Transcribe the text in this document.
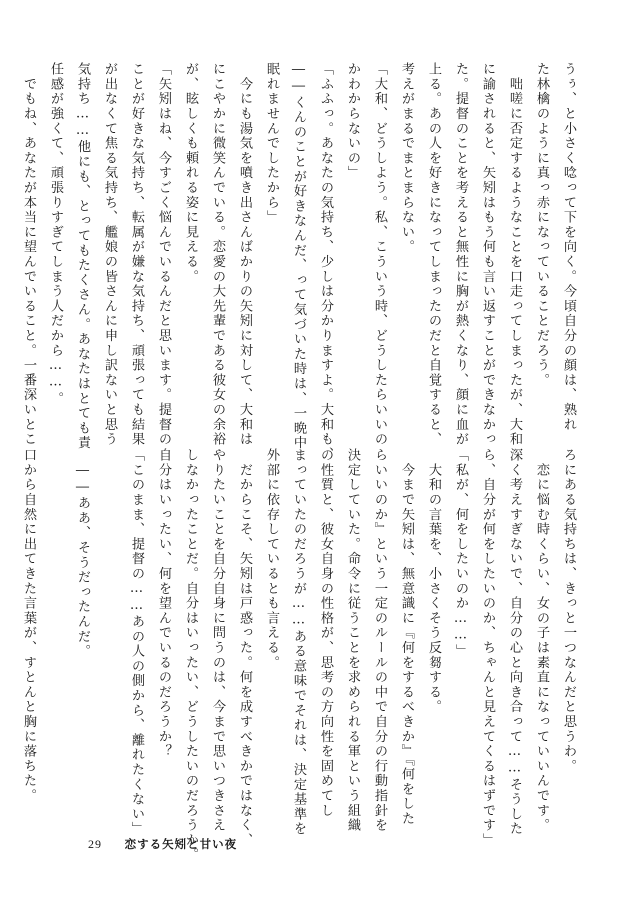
うぅ、と小さく唸って下を向く。今頃自分の顔は、熟れ
た林檎のように真っ赤になっていることだろう。
　咄嗟に否定するようなことを口走ってしまったが、大和
に諭されると、矢矧はもう何も言い返すことができなかっ
た。提督のことを考えると無性に胸が熱くなり、顔に血が
上る。あの人を好きになってしまったのだと自覚すると、
考えがまるでまとまらない。
「大和、どうしよう。私、こういう時、どうしたらいいの
かわからないの」
「ふふっ。あなたの気持ち、少しは分かりますよ。大和も、
――くんのことが好きなんだ、って気づいた時は、一晩中
眠れませんでしたから」
　今にも湯気を噴き出さんばかりの矢矧に対して、大和は
にこやかに微笑んでいる。恋愛の大先輩である彼女の余裕
が、眩しくも頼れる姿に見える。
「矢矧はね、今すごく悩んでいるんだと思います。提督の
ことが好きな気持ち、転属が嫌な気持ち、頑張っても結果
が出なくて焦る気持ち、艦娘の皆さんに申し訳ないと思う
気持ち……他にも、とってもたくさん。あなたはとても責
任感が強くて、頑張りすぎてしまう人だから……。
　でもね、あなたが本当に望んでいること。一番深いとこ
ろにある気持ちは、きっと一つなんだと思うわ。
　恋に悩む時くらい、女の子は素直になっていいんです。
深く考えすぎないで、自分の心と向き合って……そうした
ら、自分が何をしたいのか、ちゃんと見えてくるはずです」
「私が、何をしたいのか……」
　大和の言葉を、小さくそう反芻する。
　今まで矢矧は、無意識に『何をするべきか』『何をした
らいいのか』という一定のルールの中で自分の行動指針を
決定していた。命令に従うことを求められる軍という組織
の性質と、彼女自身の性格が、思考の方向性を固めてし
まっていたのだろうが……ある意味でそれは、決定基準を
外部に依存しているとも言える。
　だからこそ、矢矧は戸惑った。何を成すべきかではなく、
やりたいことを自分自身に問うのは、今まで思いつきさえ
しなかったことだ。自分はいったい、どうしたいのだろうか。
自分はいったい、何を望んでいるのだろうか？
「このまま、提督の……あの人の側から、離れたくない」

　――ああ、そうだったんだ。

口から自然に出てきた言葉が、すとんと胸に落ちた。
29 恋する矢矧と甘い夜
